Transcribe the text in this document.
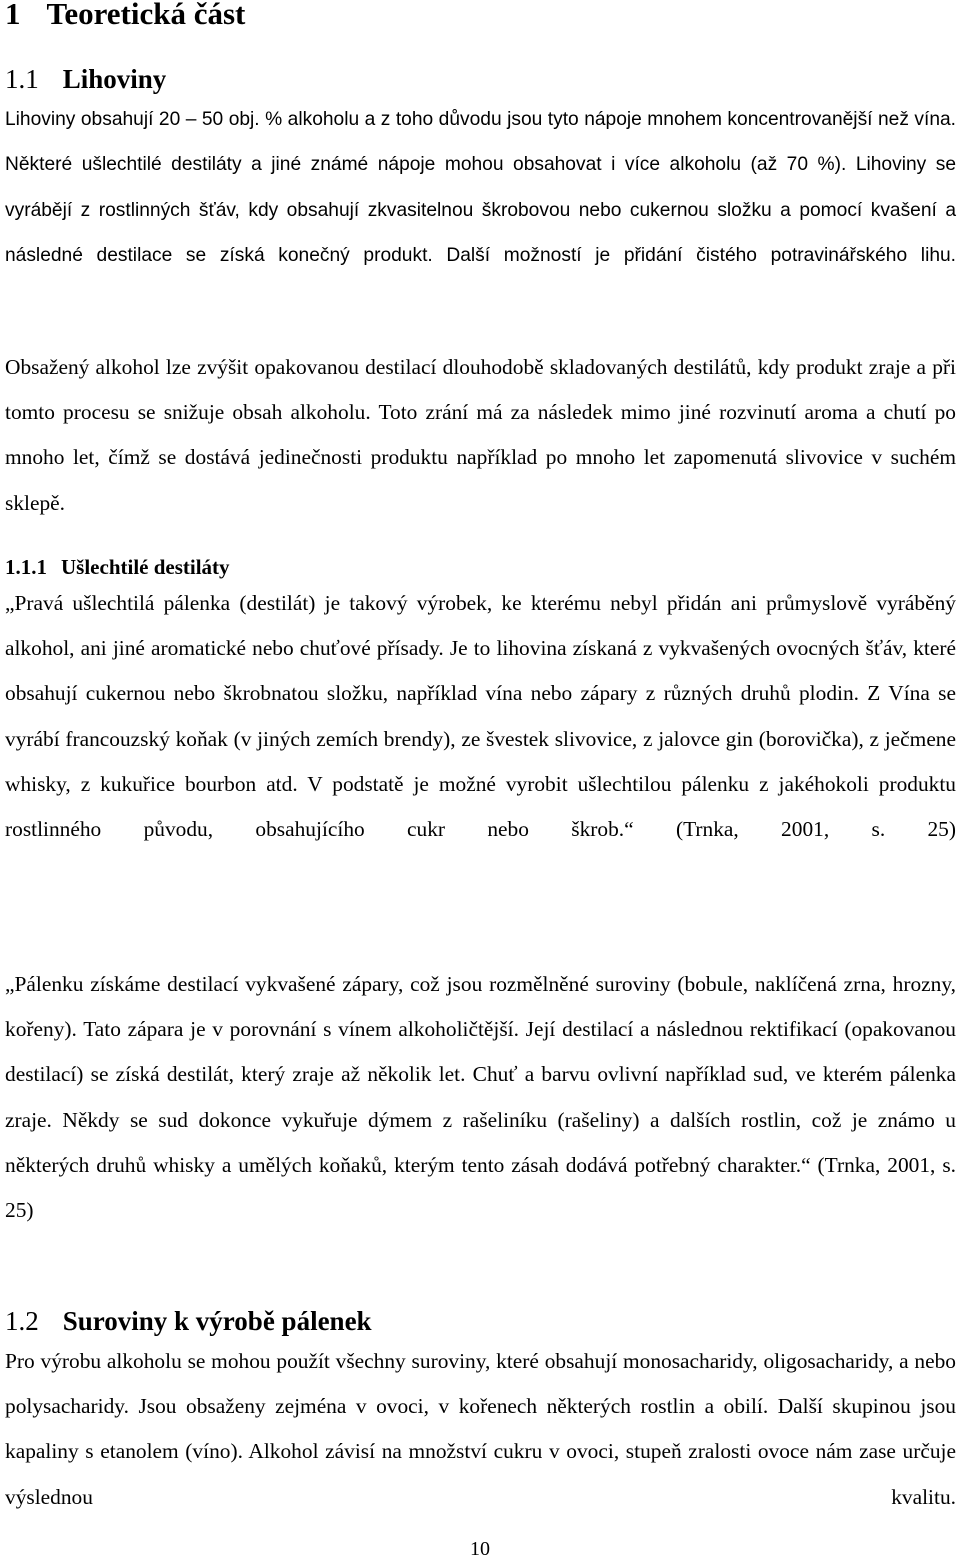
1 Teoretická část
1.1 Lihoviny

Lihoviny obsahují 20 – 50 obj. % alkoholu a z toho důvodu jsou tyto nápoje mnohem koncentrovanější než vína. Některé ušlechtilé destiláty a jiné známé nápoje mohou obsahovat i více alkoholu (až 70 %). Lihoviny se vyrábějí z rostlinných šťáv, kdy obsahují zkvasitelnou škrobovou nebo cukernou složku a pomocí kvašení a následné destilace se získá konečný produkt. Další možností je přidání čistého potravinářského lihu.

Obsažený alkohol lze zvýšit opakovanou destilací dlouhodobě skladovaných destilátů, kdy produkt zraje a při tomto procesu se snižuje obsah alkoholu. Toto zrání má za následek mimo jiné rozvinutí aroma a chutí po mnoho let, čímž se dostává jedinečnosti produktu například po mnoho let zapomenutá slivovice v suchém sklepě.

1.1.1 Ušlechtilé destiláty

„Pravá ušlechtilá pálenka (destilát) je takový výrobek, ke kterému nebyl přidán ani průmyslově vyráběný alkohol, ani jiné aromatické nebo chuťové přísady. Je to lihovina získaná z vykvašených ovocných šťáv, které obsahují cukernou nebo škrobnatou složku, například vína nebo zápary z různých druhů plodin. Z Vína se vyrábí francouzský koňak (v jiných zemích brendy), ze švestek slivovice, z jalovce gin (borovička), z ječmene whisky, z kukuřice bourbon atd. V podstatě je možné vyrobit ušlechtilou pálenku z jakéhokoli produktu rostlinného původu, obsahujícího cukr nebo škrob.“ (Trnka, 2001, s. 25)

„Pálenku získáme destilací vykvašené zápary, což jsou rozmělněné suroviny (bobule, naklíčená zrna, hrozny, kořeny). Tato zápara je v porovnání s vínem alkoholičtější. Její destilací a následnou rektifikací (opakovanou destilací) se získá destilát, který zraje až několik let. Chuť a barvu ovlivní například sud, ve kterém pálenka zraje. Někdy se sud dokonce vykuřuje dýmem z rašeliníku (rašeliny) a dalších rostlin, což je známo u některých druhů whisky a umělých koňaků, kterým tento zásah dodává potřebný charakter.“ (Trnka, 2001, s. 25)

1.2 Suroviny k výrobě pálenek

Pro výrobu alkoholu se mohou použít všechny suroviny, které obsahují monosacharidy, oligosacharidy, a nebo polysacharidy. Jsou obsaženy zejména v ovoci, v kořenech některých rostlin a obilí. Další skupinou jsou kapaliny s etanolem (víno). Alkohol závisí na množství cukru v ovoci, stupeň zralosti ovoce nám zase určuje výslednou kvalitu.

10
